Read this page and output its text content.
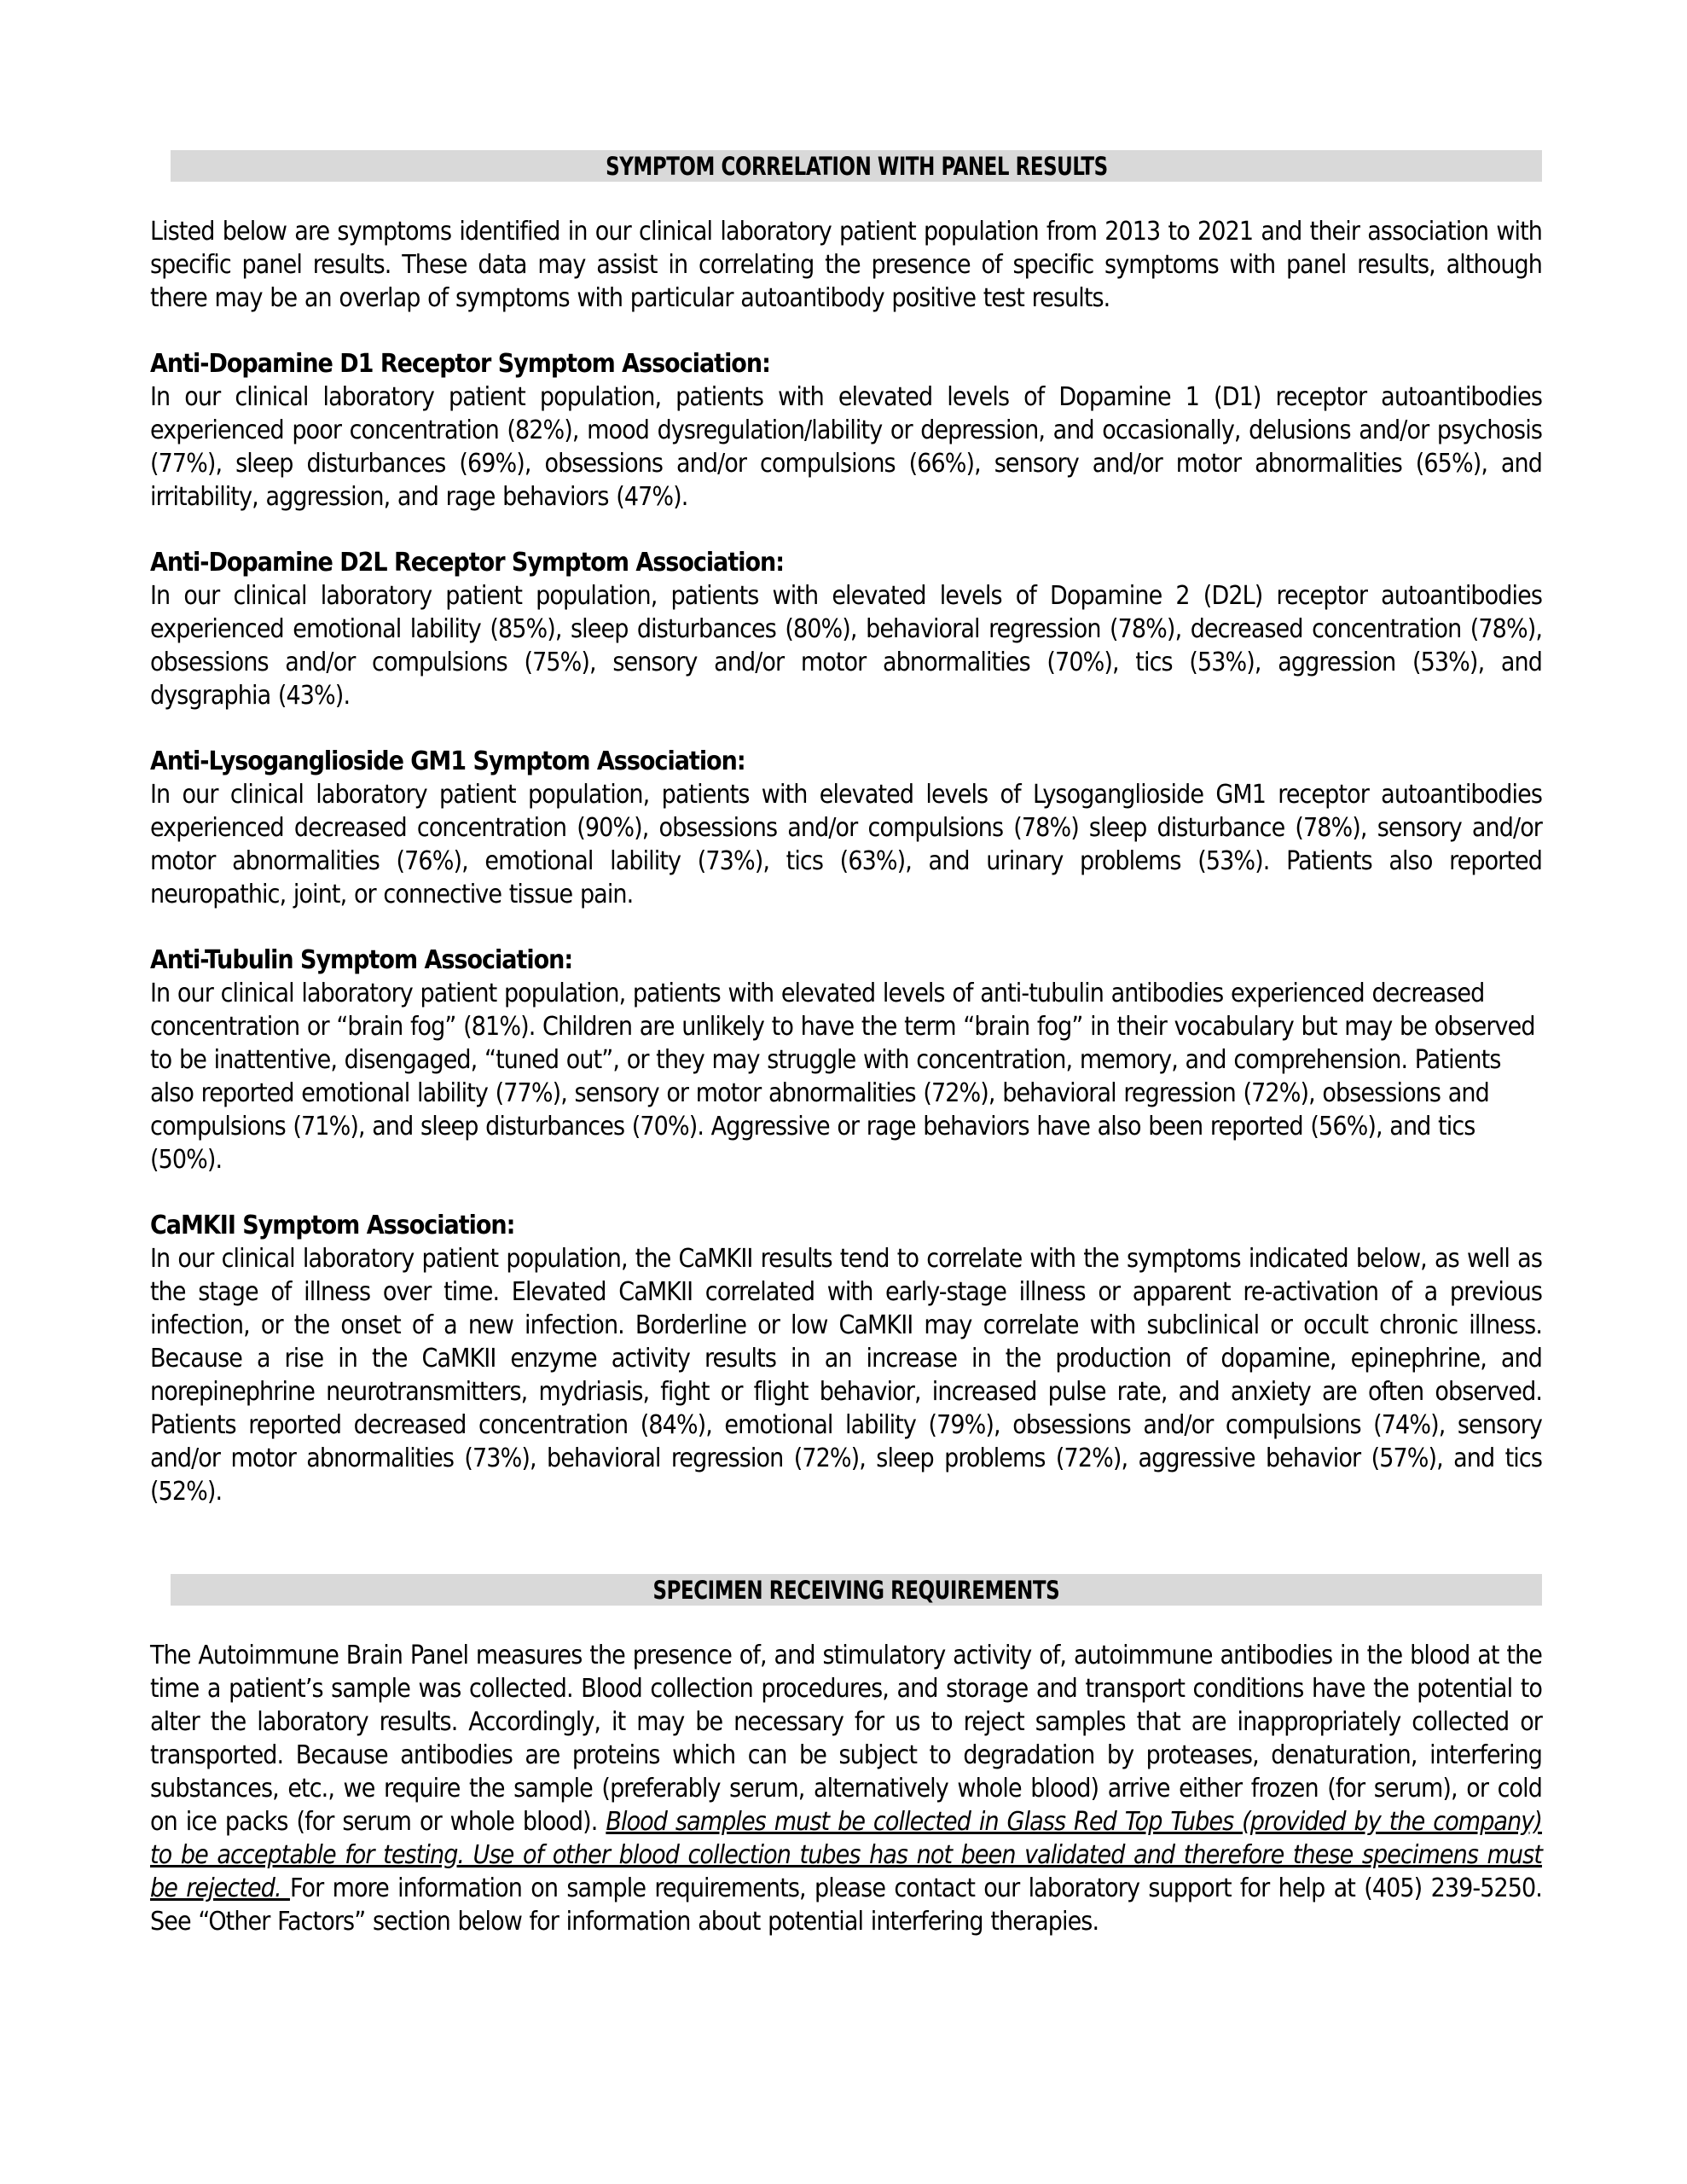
SYMPTOM CORRELATION WITH PANEL RESULTS

Listed below are symptoms identified in our clinical laboratory patient population from 2013 to 2021 and their association with specific panel results. These data may assist in correlating the presence of specific symptoms with panel results, although there may be an overlap of symptoms with particular autoantibody positive test results.

Anti-Dopamine D1 Receptor Symptom Association:

In our clinical laboratory patient population, patients with elevated levels of Dopamine 1 (D1) receptor autoantibodies experienced poor concentration (82%), mood dysregulation/lability or depression, and occasionally, delusions and/or psychosis (77%), sleep disturbances (69%), obsessions and/or compulsions (66%), sensory and/or motor abnormalities (65%), and irritability, aggression, and rage behaviors (47%).

Anti-Dopamine D2L Receptor Symptom Association:

In our clinical laboratory patient population, patients with elevated levels of Dopamine 2 (D2L) receptor autoantibodies experienced emotional lability (85%), sleep disturbances (80%), behavioral regression (78%), decreased concentration (78%), obsessions and/or compulsions (75%), sensory and/or motor abnormalities (70%), tics (53%), aggression (53%), and dysgraphia (43%).

Anti-Lysoganglioside GM1 Symptom Association:

In our clinical laboratory patient population, patients with elevated levels of Lysoganglioside GM1 receptor autoantibodies experienced decreased concentration (90%), obsessions and/or compulsions (78%) sleep disturbance (78%), sensory and/or motor abnormalities (76%), emotional lability (73%), tics (63%), and urinary problems (53%). Patients also reported neuropathic, joint, or connective tissue pain.

Anti-Tubulin Symptom Association:

In our clinical laboratory patient population, patients with elevated levels of anti-tubulin antibodies experienced decreased concentration or “brain fog” (81%). Children are unlikely to have the term “brain fog” in their vocabulary but may be observed to be inattentive, disengaged, “tuned out”, or they may struggle with concentration, memory, and comprehension. Patients also reported emotional lability (77%), sensory or motor abnormalities (72%), behavioral regression (72%), obsessions and compulsions (71%), and sleep disturbances (70%). Aggressive or rage behaviors have also been reported (56%), and tics (50%).

CaMKII Symptom Association:

In our clinical laboratory patient population, the CaMKII results tend to correlate with the symptoms indicated below, as well as the stage of illness over time. Elevated CaMKII correlated with early-stage illness or apparent re-activation of a previous infection, or the onset of a new infection. Borderline or low CaMKII may correlate with subclinical or occult chronic illness. Because a rise in the CaMKII enzyme activity results in an increase in the production of dopamine, epinephrine, and norepinephrine neurotransmitters, mydriasis, fight or flight behavior, increased pulse rate, and anxiety are often observed. Patients reported decreased concentration (84%), emotional lability (79%), obsessions and/or compulsions (74%), sensory and/or motor abnormalities (73%), behavioral regression (72%), sleep problems (72%), aggressive behavior (57%), and tics (52%).

SPECIMEN RECEIVING REQUIREMENTS

The Autoimmune Brain Panel measures the presence of, and stimulatory activity of, autoimmune antibodies in the blood at the time a patient’s sample was collected. Blood collection procedures, and storage and transport conditions have the potential to alter the laboratory results. Accordingly, it may be necessary for us to reject samples that are inappropriately collected or transported. Because antibodies are proteins which can be subject to degradation by proteases, denaturation, interfering substances, etc., we require the sample (preferably serum, alternatively whole blood) arrive either frozen (for serum), or cold on ice packs (for serum or whole blood). Blood samples must be collected in Glass Red Top Tubes (provided by the company) to be acceptable for testing. Use of other blood collection tubes has not been validated and therefore these specimens must be rejected. For more information on sample requirements, please contact our laboratory support for help at (405) 239-5250. See “Other Factors” section below for information about potential interfering therapies.
